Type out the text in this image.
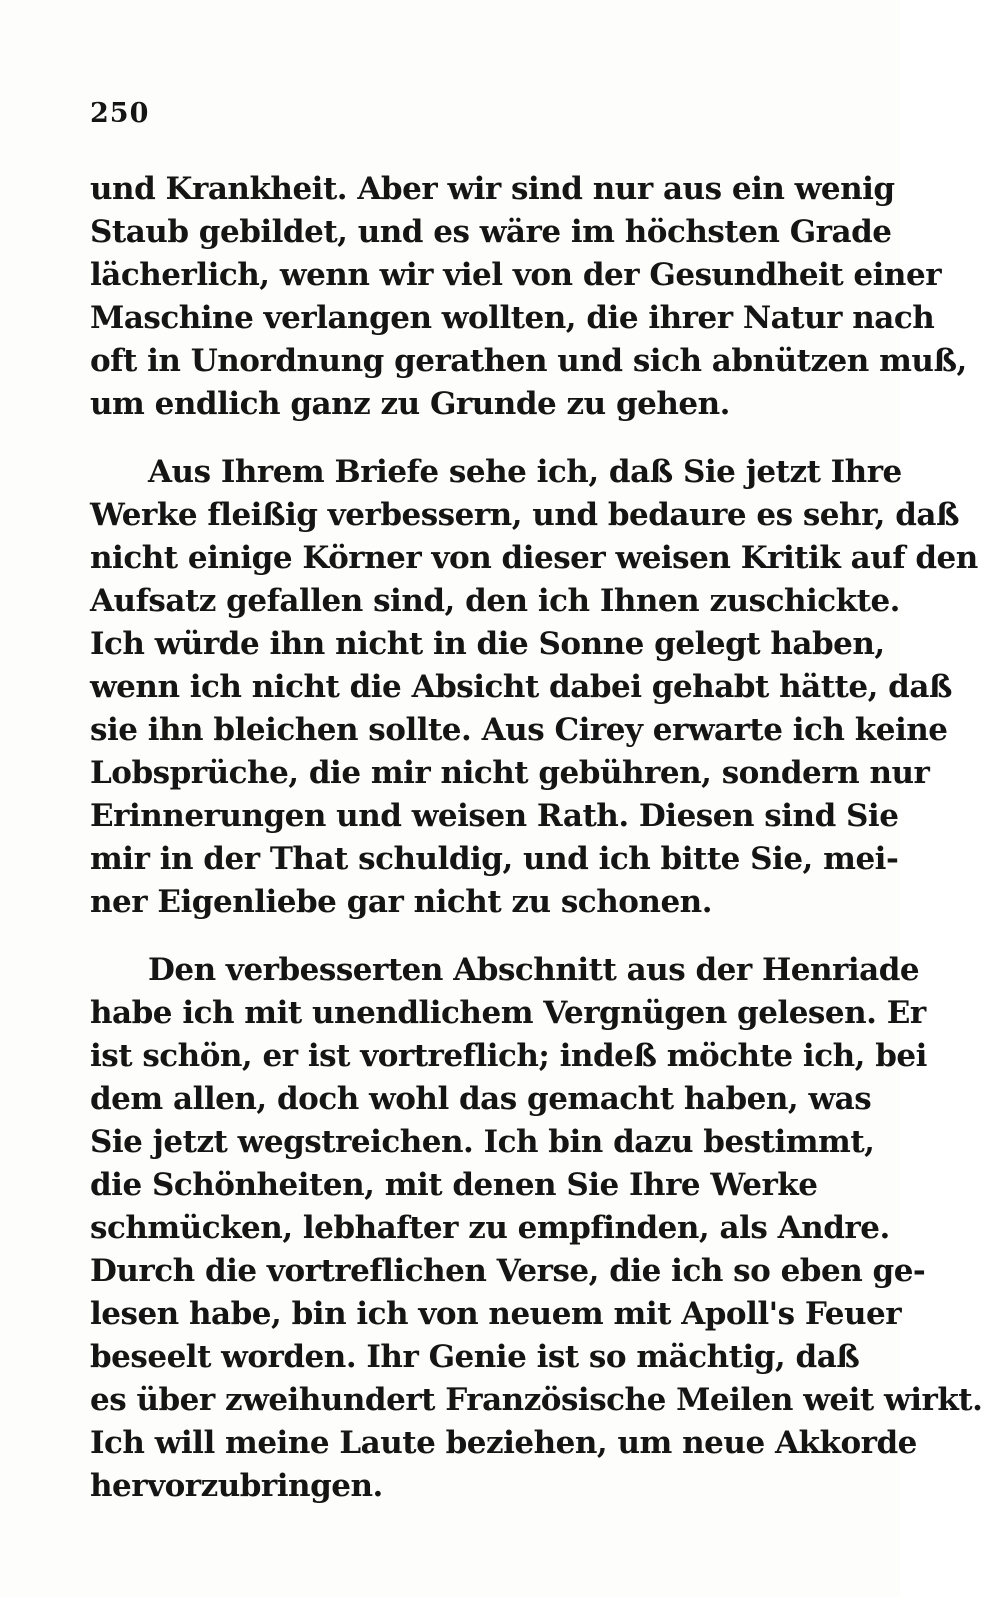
250
und Krankheit. Aber wir sind nur aus ein wenig
Staub gebildet, und es wäre im höchsten Grade
lächerlich, wenn wir viel von der Gesundheit einer
Maschine verlangen wollten, die ihrer Natur nach
oft in Unordnung gerathen und sich abnützen muß,
um endlich ganz zu Grunde zu gehen.
Aus Ihrem Briefe sehe ich, daß Sie jetzt Ihre
Werke fleißig verbessern, und bedaure es sehr, daß
nicht einige Körner von dieser weisen Kritik auf den
Aufsatz gefallen sind, den ich Ihnen zuschickte.
Ich würde ihn nicht in die Sonne gelegt haben,
wenn ich nicht die Absicht dabei gehabt hätte, daß
sie ihn bleichen sollte. Aus Cirey erwarte ich keine
Lobsprüche, die mir nicht gebühren, sondern nur
Erinnerungen und weisen Rath. Diesen sind Sie
mir in der That schuldig, und ich bitte Sie, mei-
ner Eigenliebe gar nicht zu schonen.
Den verbesserten Abschnitt aus der Henriade
habe ich mit unendlichem Vergnügen gelesen. Er
ist schön, er ist vortreflich; indeß möchte ich, bei
dem allen, doch wohl das gemacht haben, was
Sie jetzt wegstreichen. Ich bin dazu bestimmt,
die Schönheiten, mit denen Sie Ihre Werke
schmücken, lebhafter zu empfinden, als Andre.
Durch die vortreflichen Verse, die ich so eben ge-
lesen habe, bin ich von neuem mit Apoll's Feuer
beseelt worden. Ihr Genie ist so mächtig, daß
es über zweihundert Französische Meilen weit wirkt.
Ich will meine Laute beziehen, um neue Akkorde
hervorzubringen.
